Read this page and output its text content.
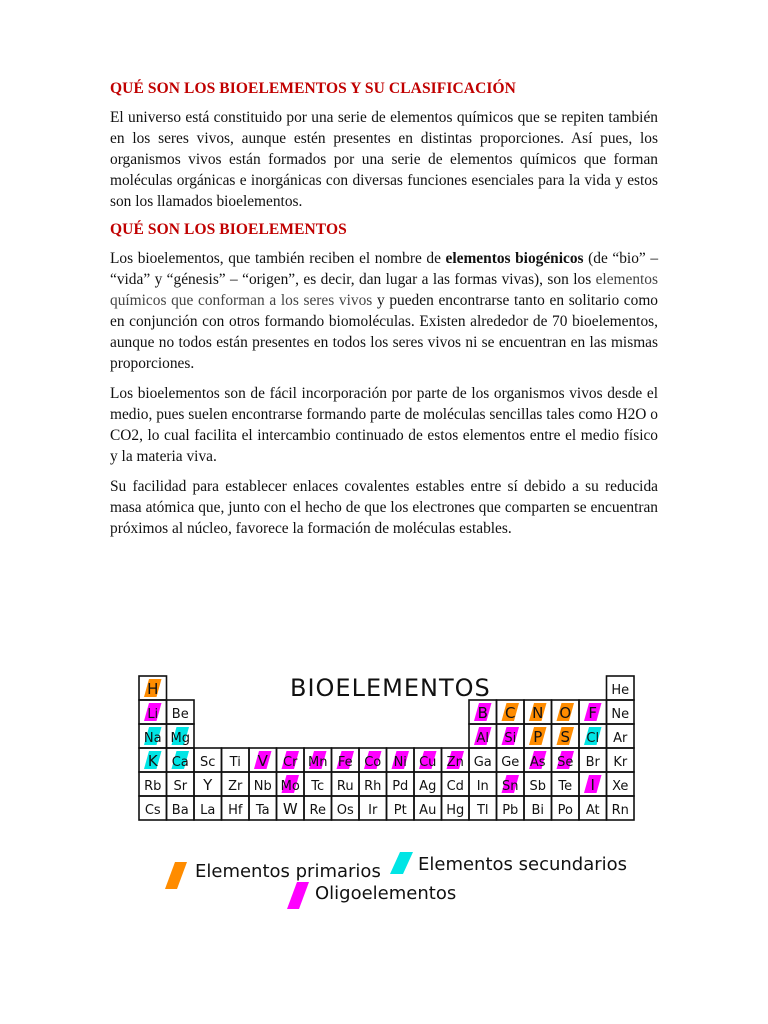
QUÉ SON LOS BIOELEMENTOS Y SU CLASIFICACIÓN

El universo está constituido por una serie de elementos químicos que se repiten también en los seres vivos, aunque estén presentes en distintas proporciones. Así pues, los organismos vivos están formados por una serie de elementos químicos que forman moléculas orgánicas e inorgánicas con diversas funciones esenciales para la vida y estos son los llamados bioelementos.

QUÉ SON LOS BIOELEMENTOS

Los bioelementos, que también reciben el nombre de elementos biogénicos (de “bio” – “vida” y “génesis” – “origen”, es decir, dan lugar a las formas vivas), son los elementos químicos que conforman a los seres vivos y pueden encontrarse tanto en solitario como en conjunción con otros formando biomoléculas. Existen alrededor de 70 bioelementos, aunque no todos están presentes en todos los seres vivos ni se encuentran en las mismas proporciones.

Los bioelementos son de fácil incorporación por parte de los organismos vivos desde el medio, pues suelen encontrarse formando parte de moléculas sencillas tales como H2O o CO2, lo cual facilita el intercambio continuado de estos elementos entre el medio físico y la materia viva.

Su facilidad para establecer enlaces covalentes estables entre sí debido a su reducida masa atómica que, junto con el hecho de que los electrones que comparten se encuentran próximos al núcleo, favorece la formación de moléculas estables.

BIOELEMENTOS
H	He
Li Be	B C N O F Ne
Na Mg	Al Si P S Cl Ar
K Ca Sc Ti V Cr Mn Fe Co Ni Cu Zn Ga Ge As Se Br Kr
Rb Sr Y Zr Nb Mo Tc Ru Rh Pd Ag Cd In Sn Sb Te I Xe
Cs Ba La Hf Ta W Re Os Ir Pt Au Hg Tl Pb Bi Po At Rn
Elementos primarios Elementos secundarios
Oligoelementos
